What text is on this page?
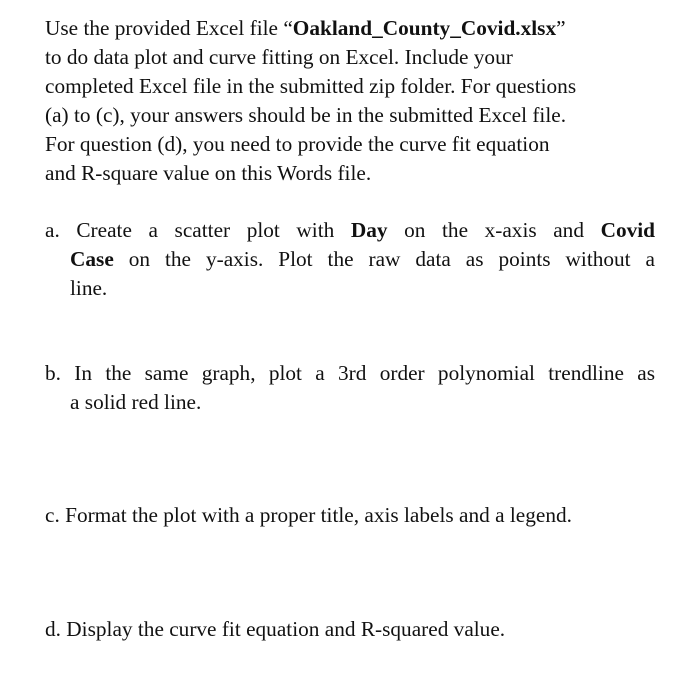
Use the provided Excel file “Oakland_County_Covid.xlsx”
to do data plot and curve fitting on Excel. Include your
completed Excel file in the submitted zip folder. For questions
(a) to (c), your answers should be in the submitted Excel file.
For question (d), you need to provide the curve fit equation
and R-square value on this Words file.
a. Create a scatter plot with Day on the x-axis and Covid
Case on the y-axis. Plot the raw data as points without a
line.
b. In the same graph, plot a 3rd order polynomial trendline as
a solid red line.
c. Format the plot with a proper title, axis labels and a legend.
d. Display the curve fit equation and R-squared value.
